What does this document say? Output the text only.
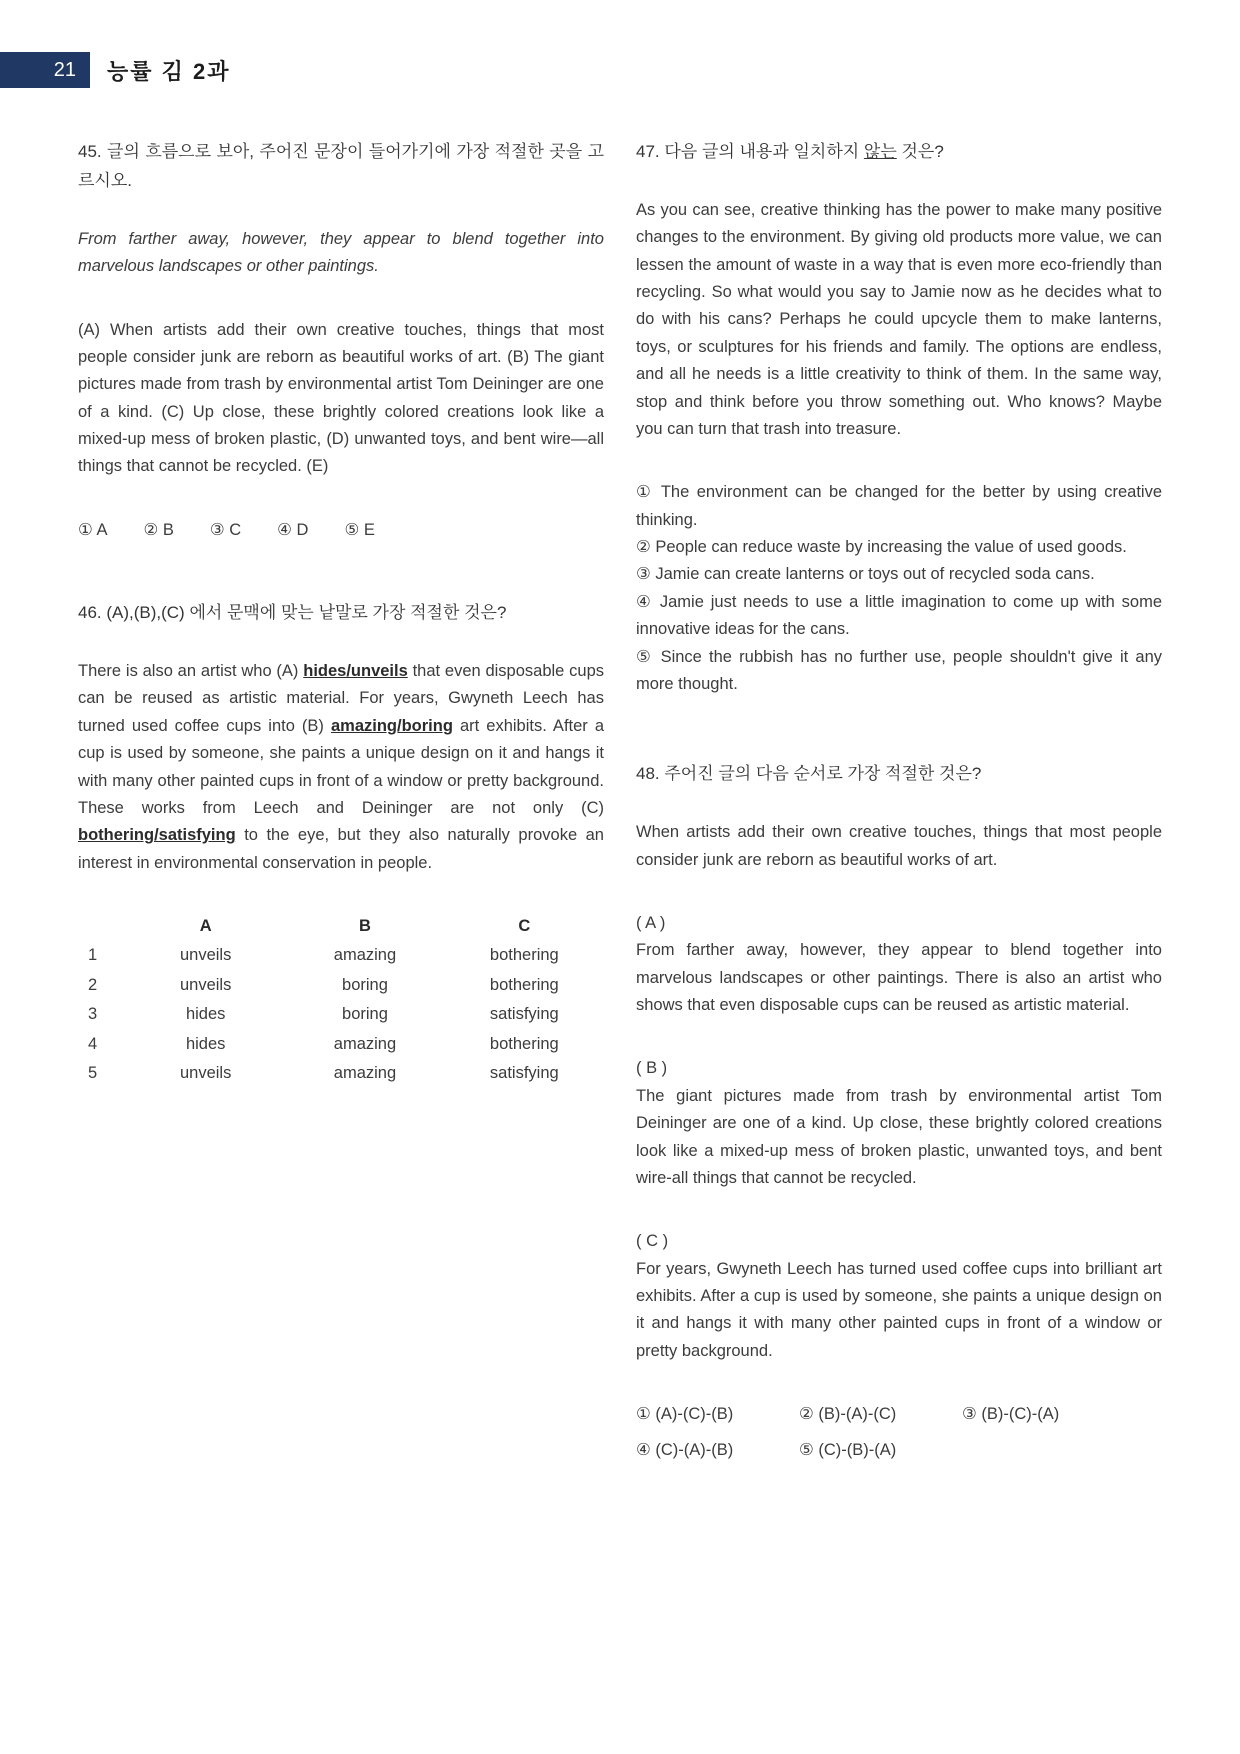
21	능률 김 2과

45. 글의 흐름으로 보아, 주어진 문장이 들어가기에 가장 적절한 곳을 고르시오.

From farther away, however, they appear to blend together into marvelous landscapes or other paintings.

(A) When artists add their own creative touches, things that most people consider junk are reborn as beautiful works of art. (B) The giant pictures made from trash by environmental artist Tom Deininger are one of a kind. (C) Up close, these brightly colored creations look like a mixed-up mess of broken plastic, (D) unwanted toys, and bent wire—all things that cannot be recycled. (E)

① A ② B ③ C ④ D ⑤ E

46. (A),(B),(C) 에서 문맥에 맞는 낱말로 가장 적절한 것은?

There is also an artist who (A) hides/unveils that even disposable cups can be reused as artistic material. For years, Gwyneth Leech has turned used coffee cups into (B) amazing/boring art exhibits. After a cup is used by someone, she paints a unique design on it and hangs it with many other painted cups in front of a window or pretty background. These works from Leech and Deininger are not only (C) bothering/satisfying to the eye, but they also naturally provoke an interest in environmental conservation in people.

A	B	C
1	unveils	amazing	bothering
2	unveils	boring	bothering
3	hides	boring	satisfying
4	hides	amazing	bothering
5	unveils	amazing	satisfying

47. 다음 글의 내용과 일치하지 않는 것은?

As you can see, creative thinking has the power to make many positive changes to the environment. By giving old products more value, we can lessen the amount of waste in a way that is even more eco-friendly than recycling. So what would you say to Jamie now as he decides what to do with his cans? Perhaps he could upcycle them to make lanterns, toys, or sculptures for his friends and family. The options are endless, and all he needs is a little creativity to think of them. In the same way, stop and think before you throw something out. Who knows? Maybe you can turn that trash into treasure.

① The environment can be changed for the better by using creative thinking.

② People can reduce waste by increasing the value of used goods.

③ Jamie can create lanterns or toys out of recycled soda cans.

④ Jamie just needs to use a little imagination to come up with some innovative ideas for the cans.

⑤ Since the rubbish has no further use, people shouldn't give it any more thought.

48. 주어진 글의 다음 순서로 가장 적절한 것은?

When artists add their own creative touches, things that most people consider junk are reborn as beautiful works of art.

( A )

From farther away, however, they appear to blend together into marvelous landscapes or other paintings. There is also an artist who shows that even disposable cups can be reused as artistic material.

( B )

The giant pictures made from trash by environmental artist Tom Deininger are one of a kind. Up close, these brightly colored creations look like a mixed-up mess of broken plastic, unwanted toys, and bent wire-all things that cannot be recycled.

( C )

For years, Gwyneth Leech has turned used coffee cups into brilliant art exhibits. After a cup is used by someone, she paints a unique design on it and hangs it with many other painted cups in front of a window or pretty background.

① (A)-(C)-(B)	② (B)-(A)-(C)	③ (B)-(C)-(A)
④ (C)-(A)-(B)	⑤ (C)-(B)-(A)
